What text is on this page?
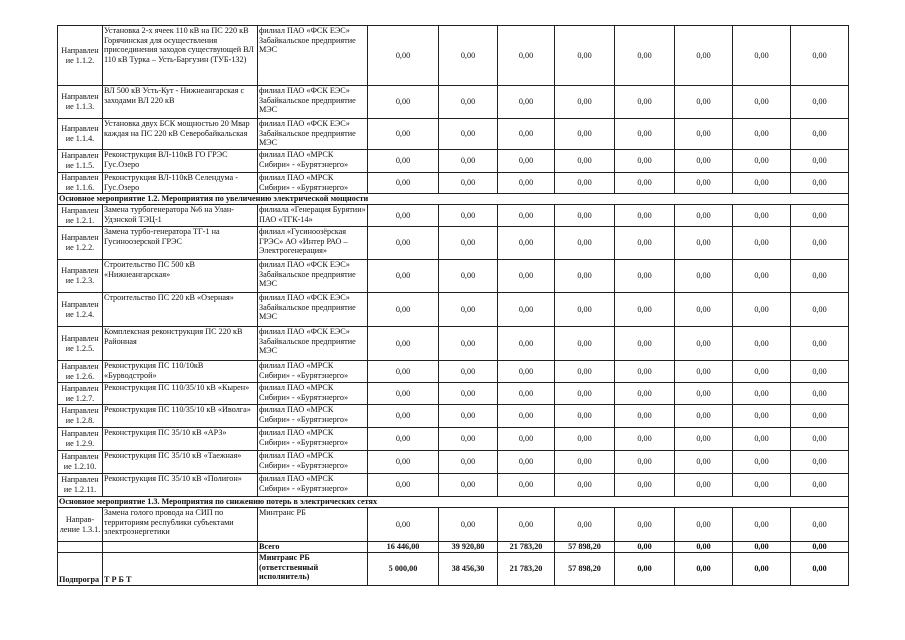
Направлен ие 1.1.2.	Установка 2-х ячеек 110 кВ на ПС 220 кВ Горячинская для осуществления присоединения заходов существующей ВЛ 110 кВ Турка – Усть-Баргузин (ТУБ-132)	филиал ПАО «ФСК ЕЭС» Забайкальское предприятие МЭС	0,00	0,00	0,00	0,00	0,00	0,00	0,00	0,00
Направлен ие 1.1.3.	ВЛ 500 кВ Усть-Кут - Нижнеангарская с заходами ВЛ 220 кВ	филиал ПАО «ФСК ЕЭС» Забайкальское предприятие МЭС	0,00	0,00	0,00	0,00	0,00	0,00	0,00	0,00
Направлен ие 1.1.4.	Установка двух БСК мощностью 20 Мвар каждая на ПС 220 кВ Северобайкальская	филиал ПАО «ФСК ЕЭС» Забайкальское предприятие МЭС	0,00	0,00	0,00	0,00	0,00	0,00	0,00	0,00
Направлен ие 1.1.5.	Реконструкция ВЛ-110кВ ГО ГРЭС Гус.Озеро	филиал ПАО «МРСК Сибири» - «Бурятэнерго»	0,00	0,00	0,00	0,00	0,00	0,00	0,00	0,00
Направлен ие 1.1.6.	Реконструкция ВЛ-110кВ Селендума - Гус.Озеро	филиал ПАО «МРСК Сибири» - «Бурятэнерго»	0,00	0,00	0,00	0,00	0,00	0,00	0,00	0,00
Основное мероприятие 1.2. Мероприятия по увеличению электрической мощности										
Направлен ие 1.2.1.	Замена турбогенератора №6 на Улан-Удэнской ТЭЦ-1	филиала «Генерация Бурятии» ПАО «ТГК-14»	0,00	0,00	0,00	0,00	0,00	0,00	0,00	0,00
Направлен ие 1.2.2.	Замена турбо-генератора ТГ-1 на Гусиноозерской ГРЭС	филиал «Гусиноозёрская ГРЭС» АО «Интер РАО – Электрогенерация»	0,00	0,00	0,00	0,00	0,00	0,00	0,00	0,00
Направлен ие 1.2.3.	Строительство ПС 500 кВ «Нижнеангарская»	филиал ПАО «ФСК ЕЭС» Забайкальское предприятие МЭС	0,00	0,00	0,00	0,00	0,00	0,00	0,00	0,00
Направлен ие 1.2.4.	Строительство ПС 220 кВ «Озерная»	филиал ПАО «ФСК ЕЭС» Забайкальское предприятие МЭС	0,00	0,00	0,00	0,00	0,00	0,00	0,00	0,00
Направлен ие 1.2.5.	Комплексная реконструкция ПС 220 кВ Районная	филиал ПАО «ФСК ЕЭС» Забайкальское предприятие МЭС	0,00	0,00	0,00	0,00	0,00	0,00	0,00	0,00
Направлен ие 1.2.6.	Реконструкция ПС 110/10кВ «Бурводстрой»	филиал ПАО «МРСК Сибири» - «Бурятэнерго»	0,00	0,00	0,00	0,00	0,00	0,00	0,00	0,00
Направлен ие 1.2.7.	Реконструкция ПС 110/35/10 кВ «Кырен»	филиал ПАО «МРСК Сибири» - «Бурятэнерго»	0,00	0,00	0,00	0,00	0,00	0,00	0,00	0,00
Направлен ие 1.2.8.	Реконструкция ПС 110/35/10 кВ «Иволга»	филиал ПАО «МРСК Сибири» - «Бурятэнерго»	0,00	0,00	0,00	0,00	0,00	0,00	0,00	0,00
Направлен ие 1.2.9.	Реконструкция ПС 35/10 кВ «АРЗ»	филиал ПАО «МРСК Сибири» - «Бурятэнерго»	0,00	0,00	0,00	0,00	0,00	0,00	0,00	0,00
Направлен ие 1.2.10.	Реконструкция ПС 35/10 кВ «Таежная»	филиал ПАО «МРСК Сибири» - «Бурятэнерго»	0,00	0,00	0,00	0,00	0,00	0,00	0,00	0,00
Направлен ие 1.2.11.	Реконструкция ПС 35/10 кВ «Полигон»	филиал ПАО «МРСК Сибири» - «Бурятэнерго»	0,00	0,00	0,00	0,00	0,00	0,00	0,00	0,00
Основное мероприятие 1.3. Мероприятия по снижению потерь в электрических сетях										
Направ-ление 1.3.1.	Замена голого провода на СИП по территориям республики субъектами электроэнергетики	Минтранс РБ	0,00	0,00	0,00	0,00	0,00	0,00	0,00	0,00
		Всего	16 446,00	39 920,80	21 783,20	57 898,20	0,00	0,00	0,00	0,00
Подпрогра	Т Р Б Т	Минтранс РБ (ответственный исполнитель)	5 000,00	38 456,30	21 783,20	57 898,20	0,00	0,00	0,00	0,00
